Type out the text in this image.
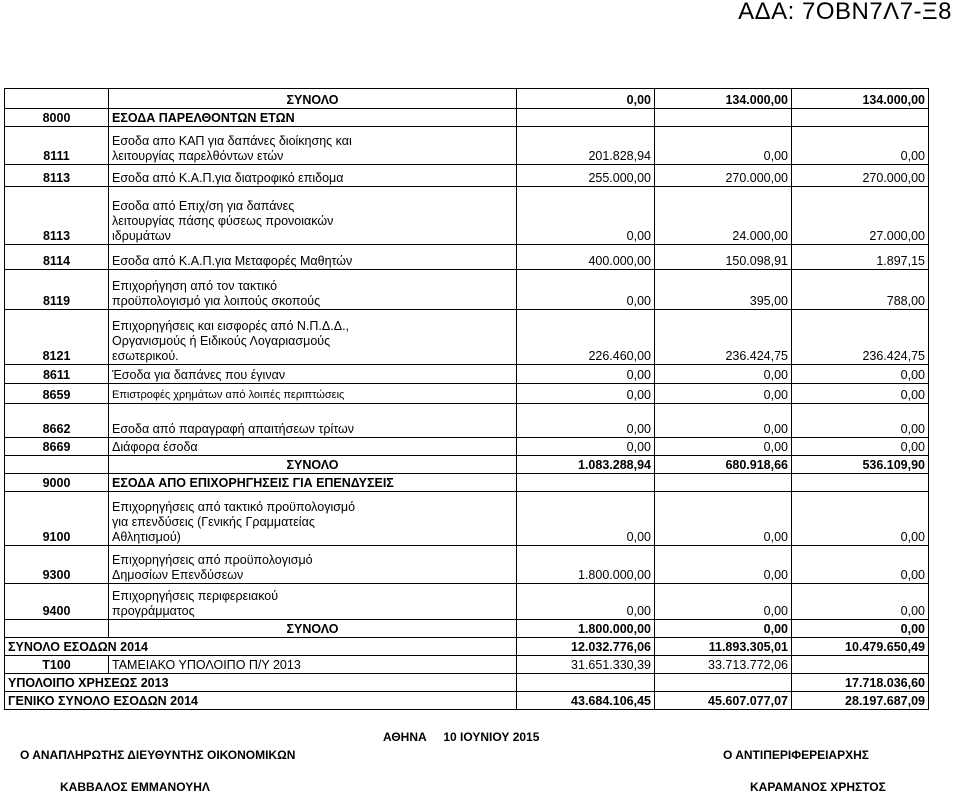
ΑΔΑ: 7ΟΒΝ7Λ7-Ξ8
	ΣΥΝΟΛΟ	0,00	134.000,00	134.000,00
8000	ΕΣΟΔΑ ΠΑΡΕΛΘΟΝΤΩΝ ΕΤΩΝ			
8111	Εσοδα απο ΚΑΠ για δαπάνες διοίκησης και
λειτουργίας παρελθόντων ετών	201.828,94	0,00	0,00
8113	Εσοδα από Κ.Α.Π.για διατροφικό επιδομα	255.000,00	270.000,00	270.000,00
8113	Εσοδα από Επιχ/ση για δαπάνες
λειτουργίας πάσης φύσεως προνοιακών
ιδρυμάτων	0,00	24.000,00	27.000,00
8114	Εσοδα από Κ.Α.Π.για Μεταφορές Μαθητών	400.000,00	150.098,91	1.897,15
8119	Επιχορήγηση από τον τακτικό
προϋπολογισμό για λοιπούς σκοπούς	0,00	395,00	788,00
8121	Επιχορηγήσεις και εισφορές από Ν.Π.Δ.Δ.,
Οργανισμούς ή Ειδικούς Λογαριασμούς
εσωτερικού.	226.460,00	236.424,75	236.424,75
8611	Έσοδα για δαπάνες που έγιναν	0,00	0,00	0,00
8659	Επιστροφές χρημάτων από λοιπές περιπτώσεις	0,00	0,00	0,00
8662	Εσοδα από παραγραφή απαιτήσεων τρίτων	0,00	0,00	0,00
8669	Διάφορα έσοδα	0,00	0,00	0,00
	ΣΥΝΟΛΟ	1.083.288,94	680.918,66	536.109,90
9000	ΕΣΟΔΑ ΑΠΟ ΕΠΙΧΟΡΗΓΗΣΕΙΣ ΓΙΑ ΕΠΕΝΔΥΣΕΙΣ			
9100	Επιχορηγήσεις από τακτικό προϋπολογισμό
για επενδύσεις (Γενικής Γραμματείας
Αθλητισμού)	0,00	0,00	0,00
9300	Επιχορηγήσεις από προϋπολογισμό
Δημοσίων Επενδύσεων	1.800.000,00	0,00	0,00
9400	Επιχορηγήσεις περιφερειακού
προγράμματος	0,00	0,00	0,00
	ΣΥΝΟΛΟ	1.800.000,00	0,00	0,00
ΣΥΝΟΛΟ ΕΣΟΔΩΝ 2014		12.032.776,06	11.893.305,01	10.479.650,49
Τ100	ΤΑΜΕΙΑΚΟ ΥΠΟΛΟΙΠΟ Π/Υ 2013	31.651.330,39	33.713.772,06	
ΥΠΟΛΟΙΠΟ ΧΡΗΣΕΩΣ 2013				17.718.036,60
ΓΕΝΙΚΟ ΣΥΝΟΛΟ ΕΣΟΔΩΝ 2014		43.684.106,45	45.607.077,07	28.197.687,09
ΑΘΗΝΑ     10 ΙΟΥΝΙΟΥ 2015
Ο ΑΝΑΠΛΗΡΩΤΗΣ ΔΙΕΥΘΥΝΤΗΣ ΟΙΚΟΝΟΜΙΚΩΝ	Ο ΑΝΤΙΠΕΡΙΦΕΡΕΙΑΡΧΗΣ
ΚΑΒΒΑΛΟΣ ΕΜΜΑΝΟΥΗΛ	ΚΑΡΑΜΑΝΟΣ ΧΡΗΣΤΟΣ
